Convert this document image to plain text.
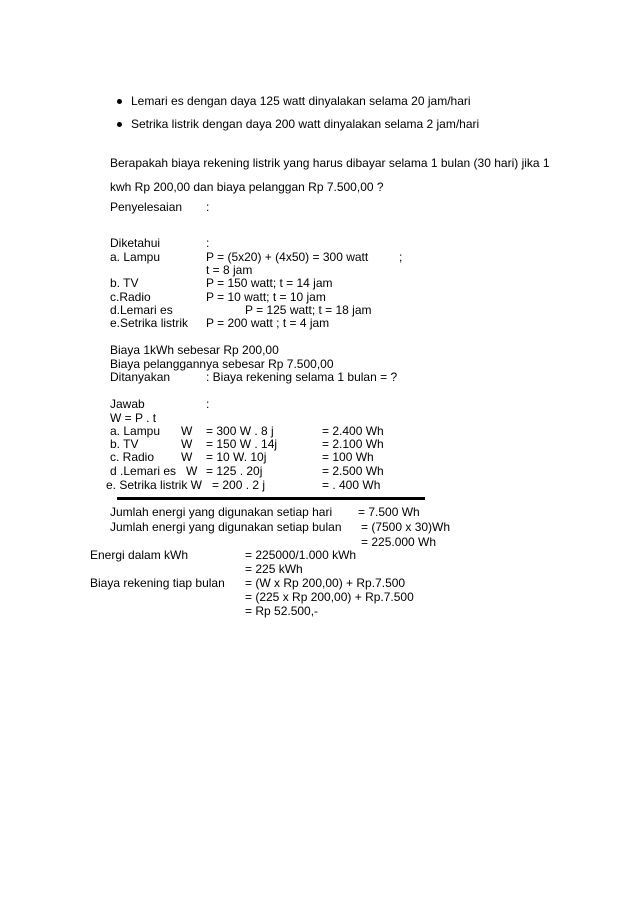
Lemari es dengan daya 125 watt dinyalakan selama 20 jam/hari
Setrika listrik dengan daya 200 watt dinyalakan selama 2 jam/hari
Berapakah biaya rekening listrik yang harus dibayar selama 1 bulan (30 hari) jika 1
kwh Rp 200,00 dan biaya pelanggan Rp 7.500,00 ?
Penyelesaian :
Diketahui	:
a. Lampu	P = (5x20) + (4x50) = 300 watt	;
t = 8 jam
b. TV	P = 150 watt; t = 14 jam
c.Radio	P = 10 watt; t = 10 jam
d.Lemari es	P = 125 watt; t = 18 jam
e.Setrika listrik P = 200 watt ; t = 4 jam
Biaya 1kWh sebesar Rp 200,00
Biaya pelanggannya sebesar Rp 7.500,00
Ditanyakan	: Biaya rekening selama 1 bulan = ?
Jawab	:
W = P . t
a. Lampu W = 300 W . 8 j	= 2.400 Wh
b. TV	W = 150 W . 14j	= 2.100 Wh
c. Radio W = 10 W. 10j	= 100 Wh
d .Lemari es W = 125 . 20j	= 2.500 Wh
e. Setrika listrik W = 200 . 2 j	= . 400 Wh
Jumlah energi yang digunakan setiap hari = 7.500 Wh
Jumlah energi yang digunakan setiap bulan = (7500 x 30)Wh
= 225.000 Wh
Energi dalam kWh	= 225000/1.000 kWh
= 225 kWh
Biaya rekening tiap bulan = (W x Rp 200,00) + Rp.7.500
= (225 x Rp 200,00) + Rp.7.500
= Rp 52.500,-
